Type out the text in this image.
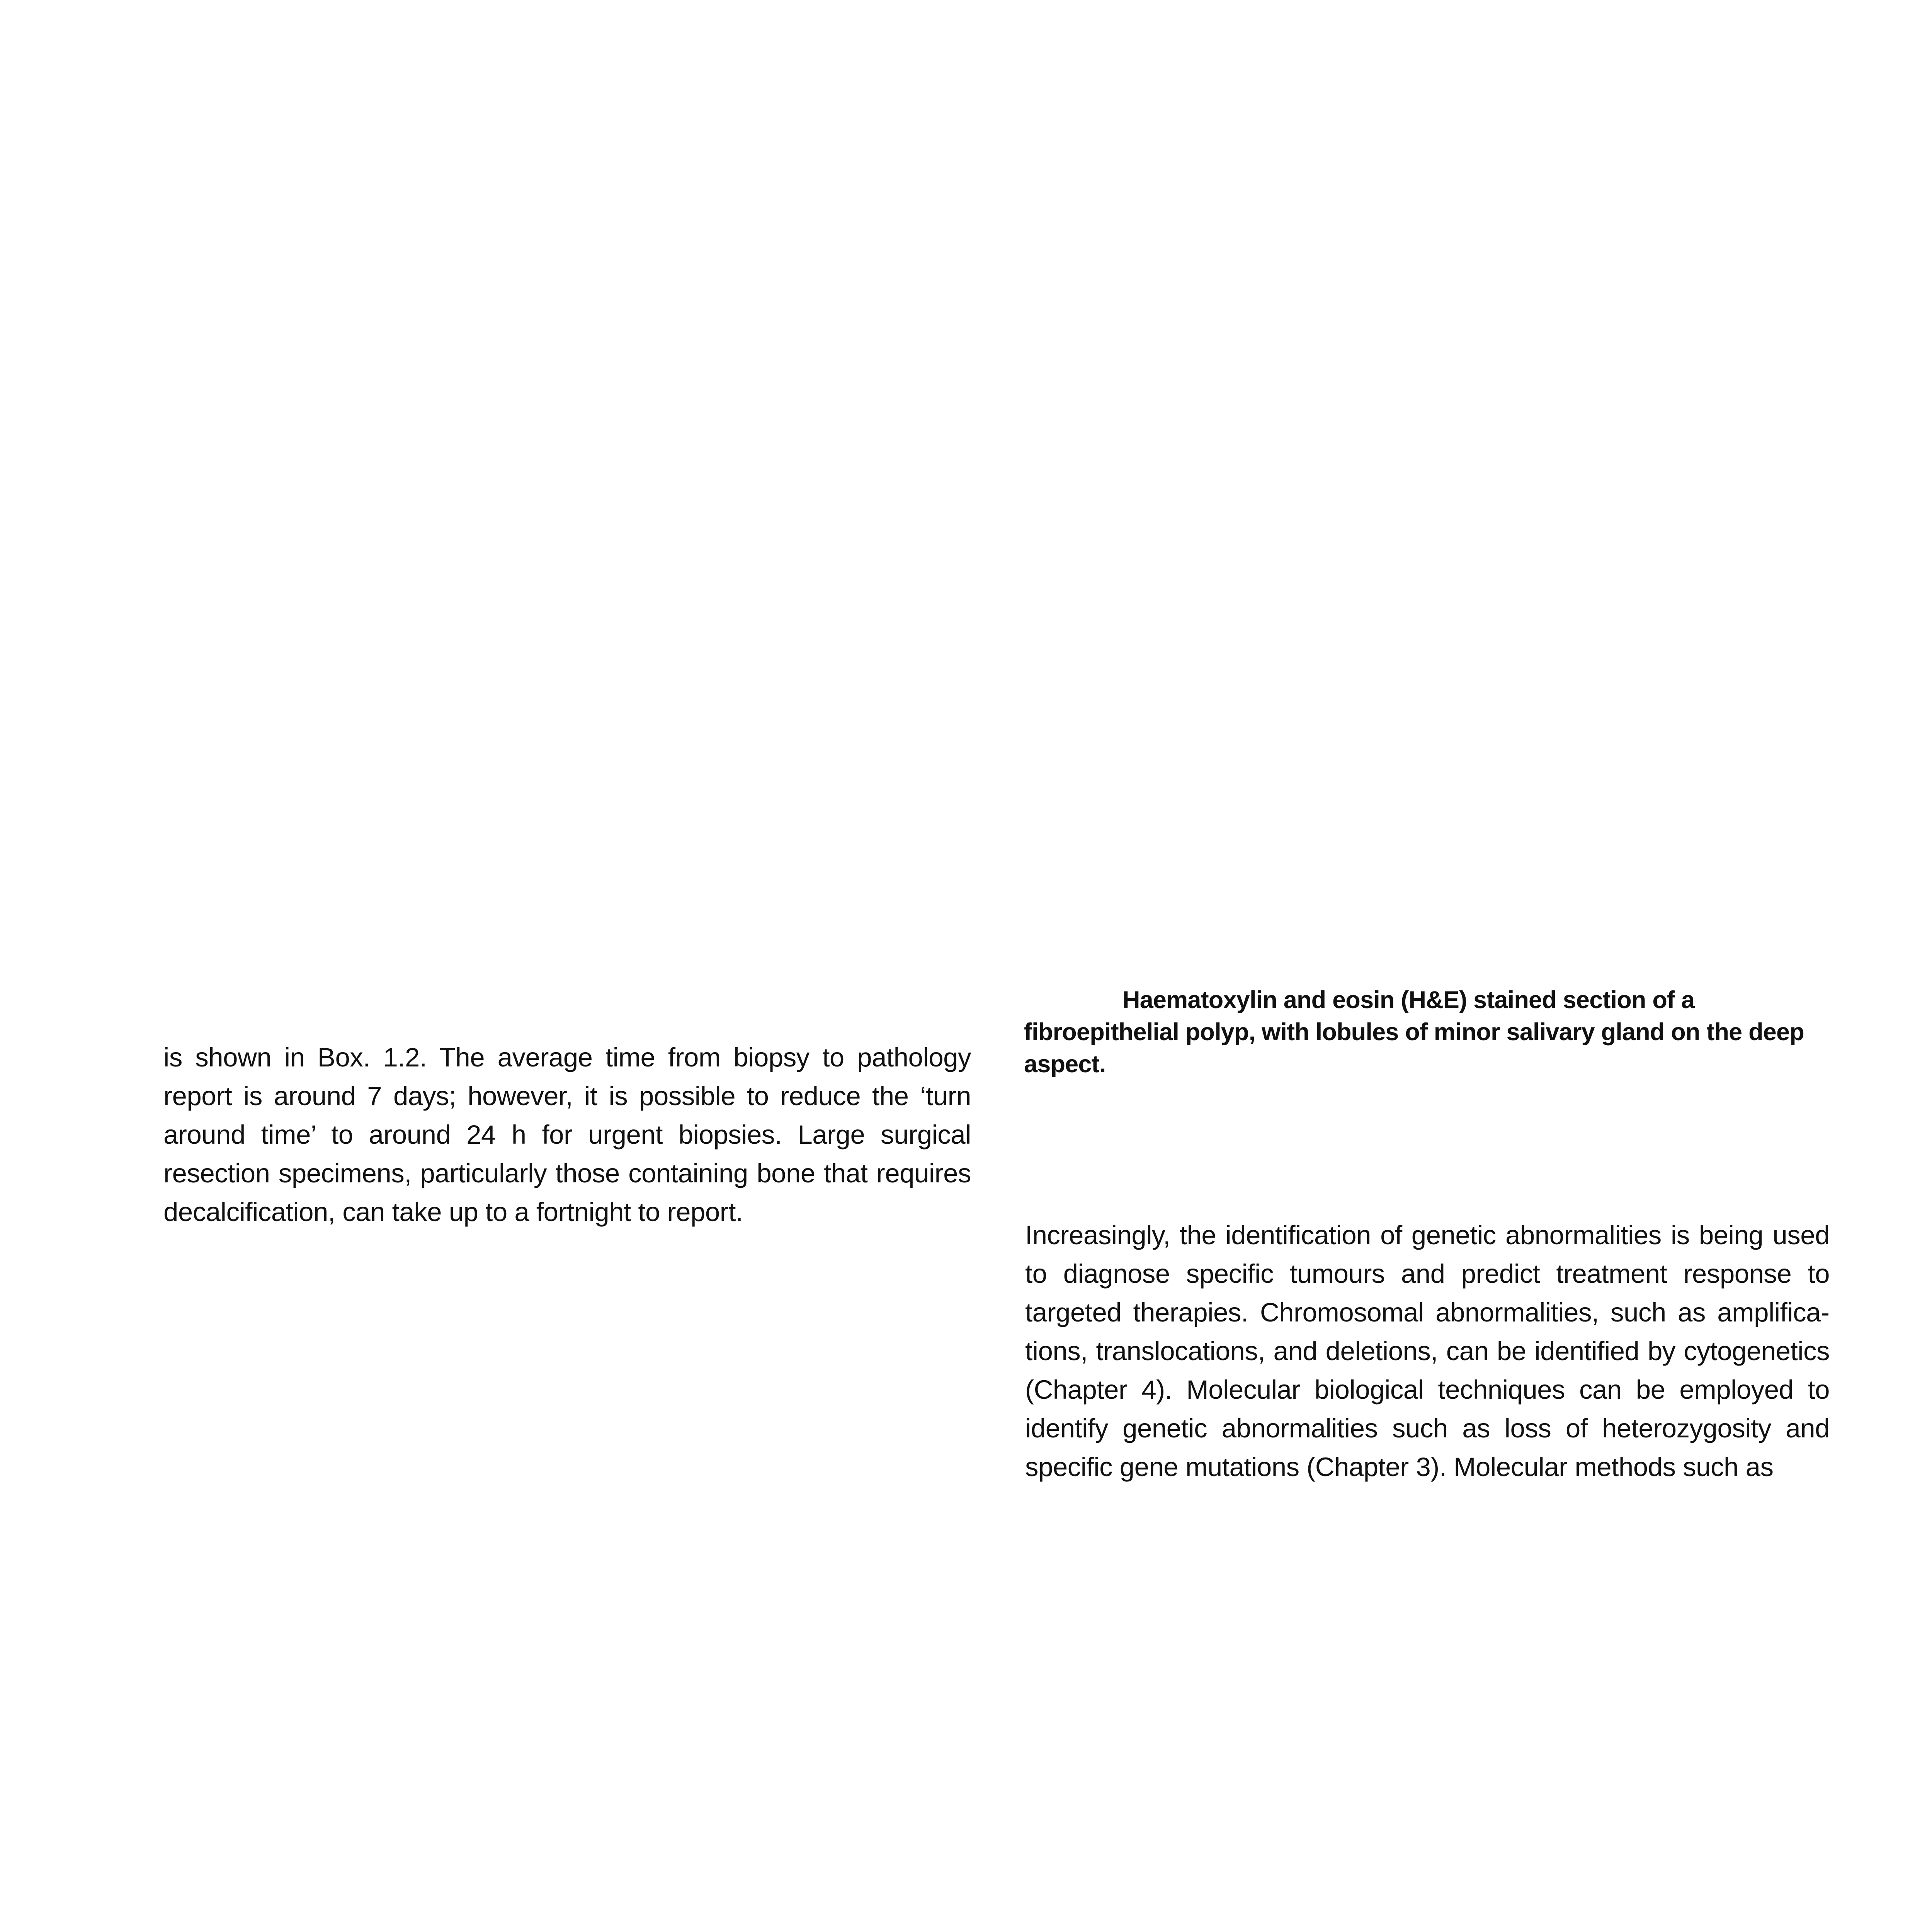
is shown in Box. 1.2. The average time from biopsy to pathology report is around 7 days; however, it is possible to reduce the ‘turn around time’ to around 24 h for urgent biopsies. Large surgical resection specimens, particularly those containing bone that requires decalcification, can take up to a fortnight to report.

Haematoxylin and eosin (H&E) stained section of a fibroepithelial polyp, with lobules of minor salivary gland on the deep aspect.

Increasingly, the identification of genetic abnormalities is being used to diagnose specific tumours and predict treatment response to targeted therapies. Chromosomal abnormalities, such as amplifications, translocations, and deletions, can be identified by cytogenetics (Chapter 4). Molecular biological techniques can be employed to identify genetic abnormalities such as loss of heterozygosity and specific gene mutations (Chapter 3). Molecular methods such as
